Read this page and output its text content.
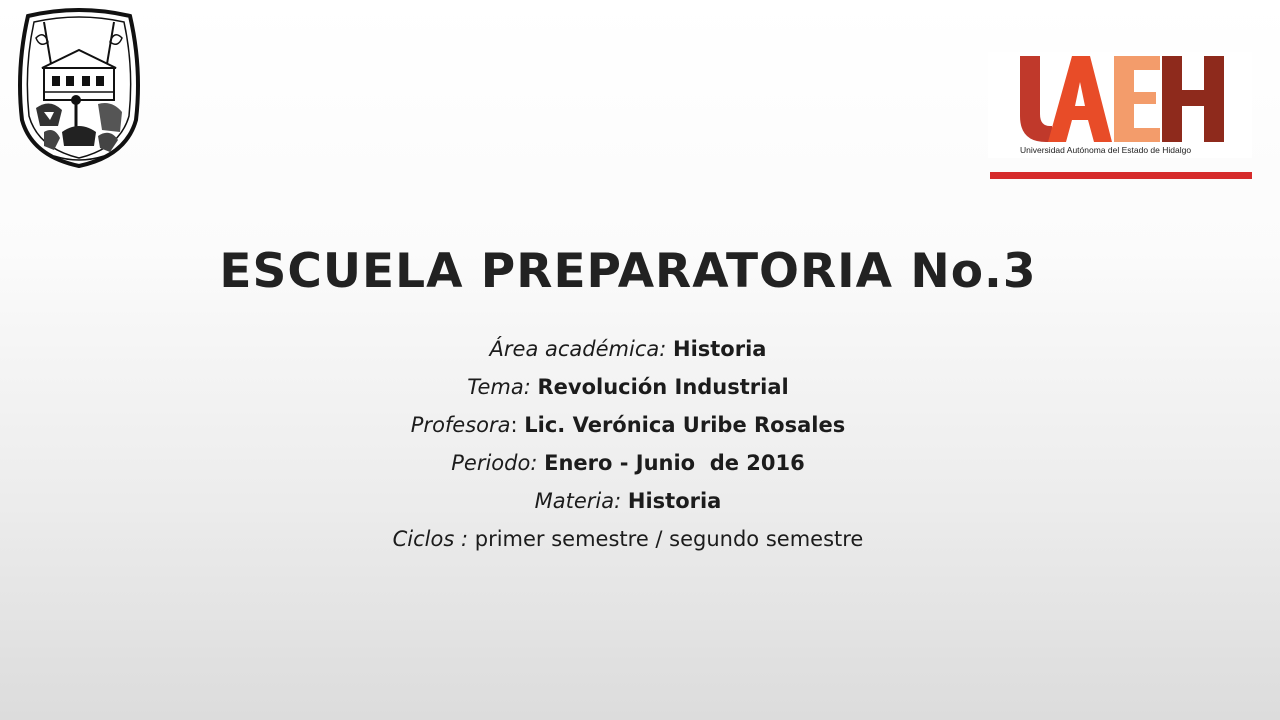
Universidad Autónoma del Estado de Hidalgo
ESCUELA PREPARATORIA No.3
Área académica: Historia
Tema: Revolución Industrial
Profesora: Lic. Verónica Uribe Rosales
Periodo: Enero - Junio  de 2016
Materia: Historia
Ciclos : primer semestre / segundo semestre
